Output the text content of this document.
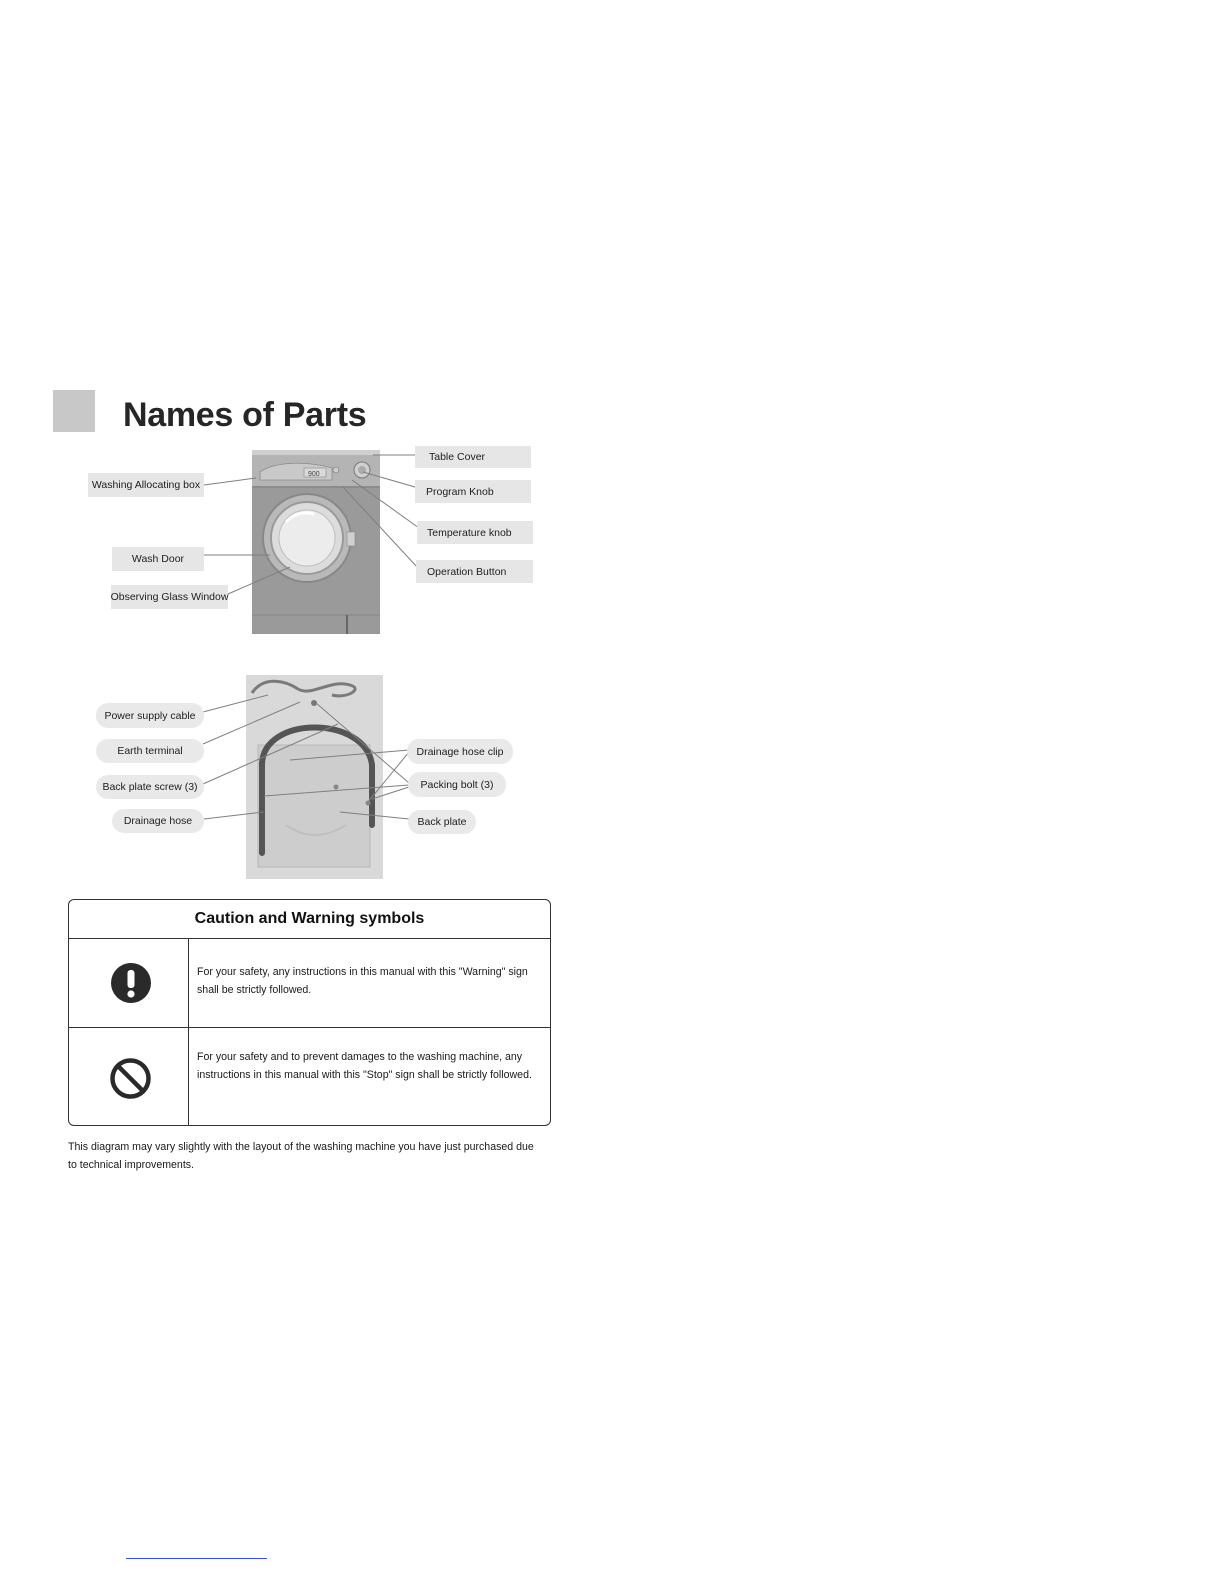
Names of Parts
900
Table Cover
Program Knob
Temperature knob
Operation Button
Washing Allocating box
Wash Door
Observing Glass Window
Power supply cable
Earth terminal
Back plate screw (3)
Drainage hose
Drainage hose clip
Packing bolt (3)
Back plate
Caution and Warning symbols
For your safety, any instructions in this manual with this "Warning" sign
shall be strictly followed.
For your safety and to prevent damages to the washing machine, any
instructions in this manual with this "Stop" sign shall be strictly followed.
This diagram may vary slightly with the layout of the washing machine you have just purchased due
to technical improvements.
